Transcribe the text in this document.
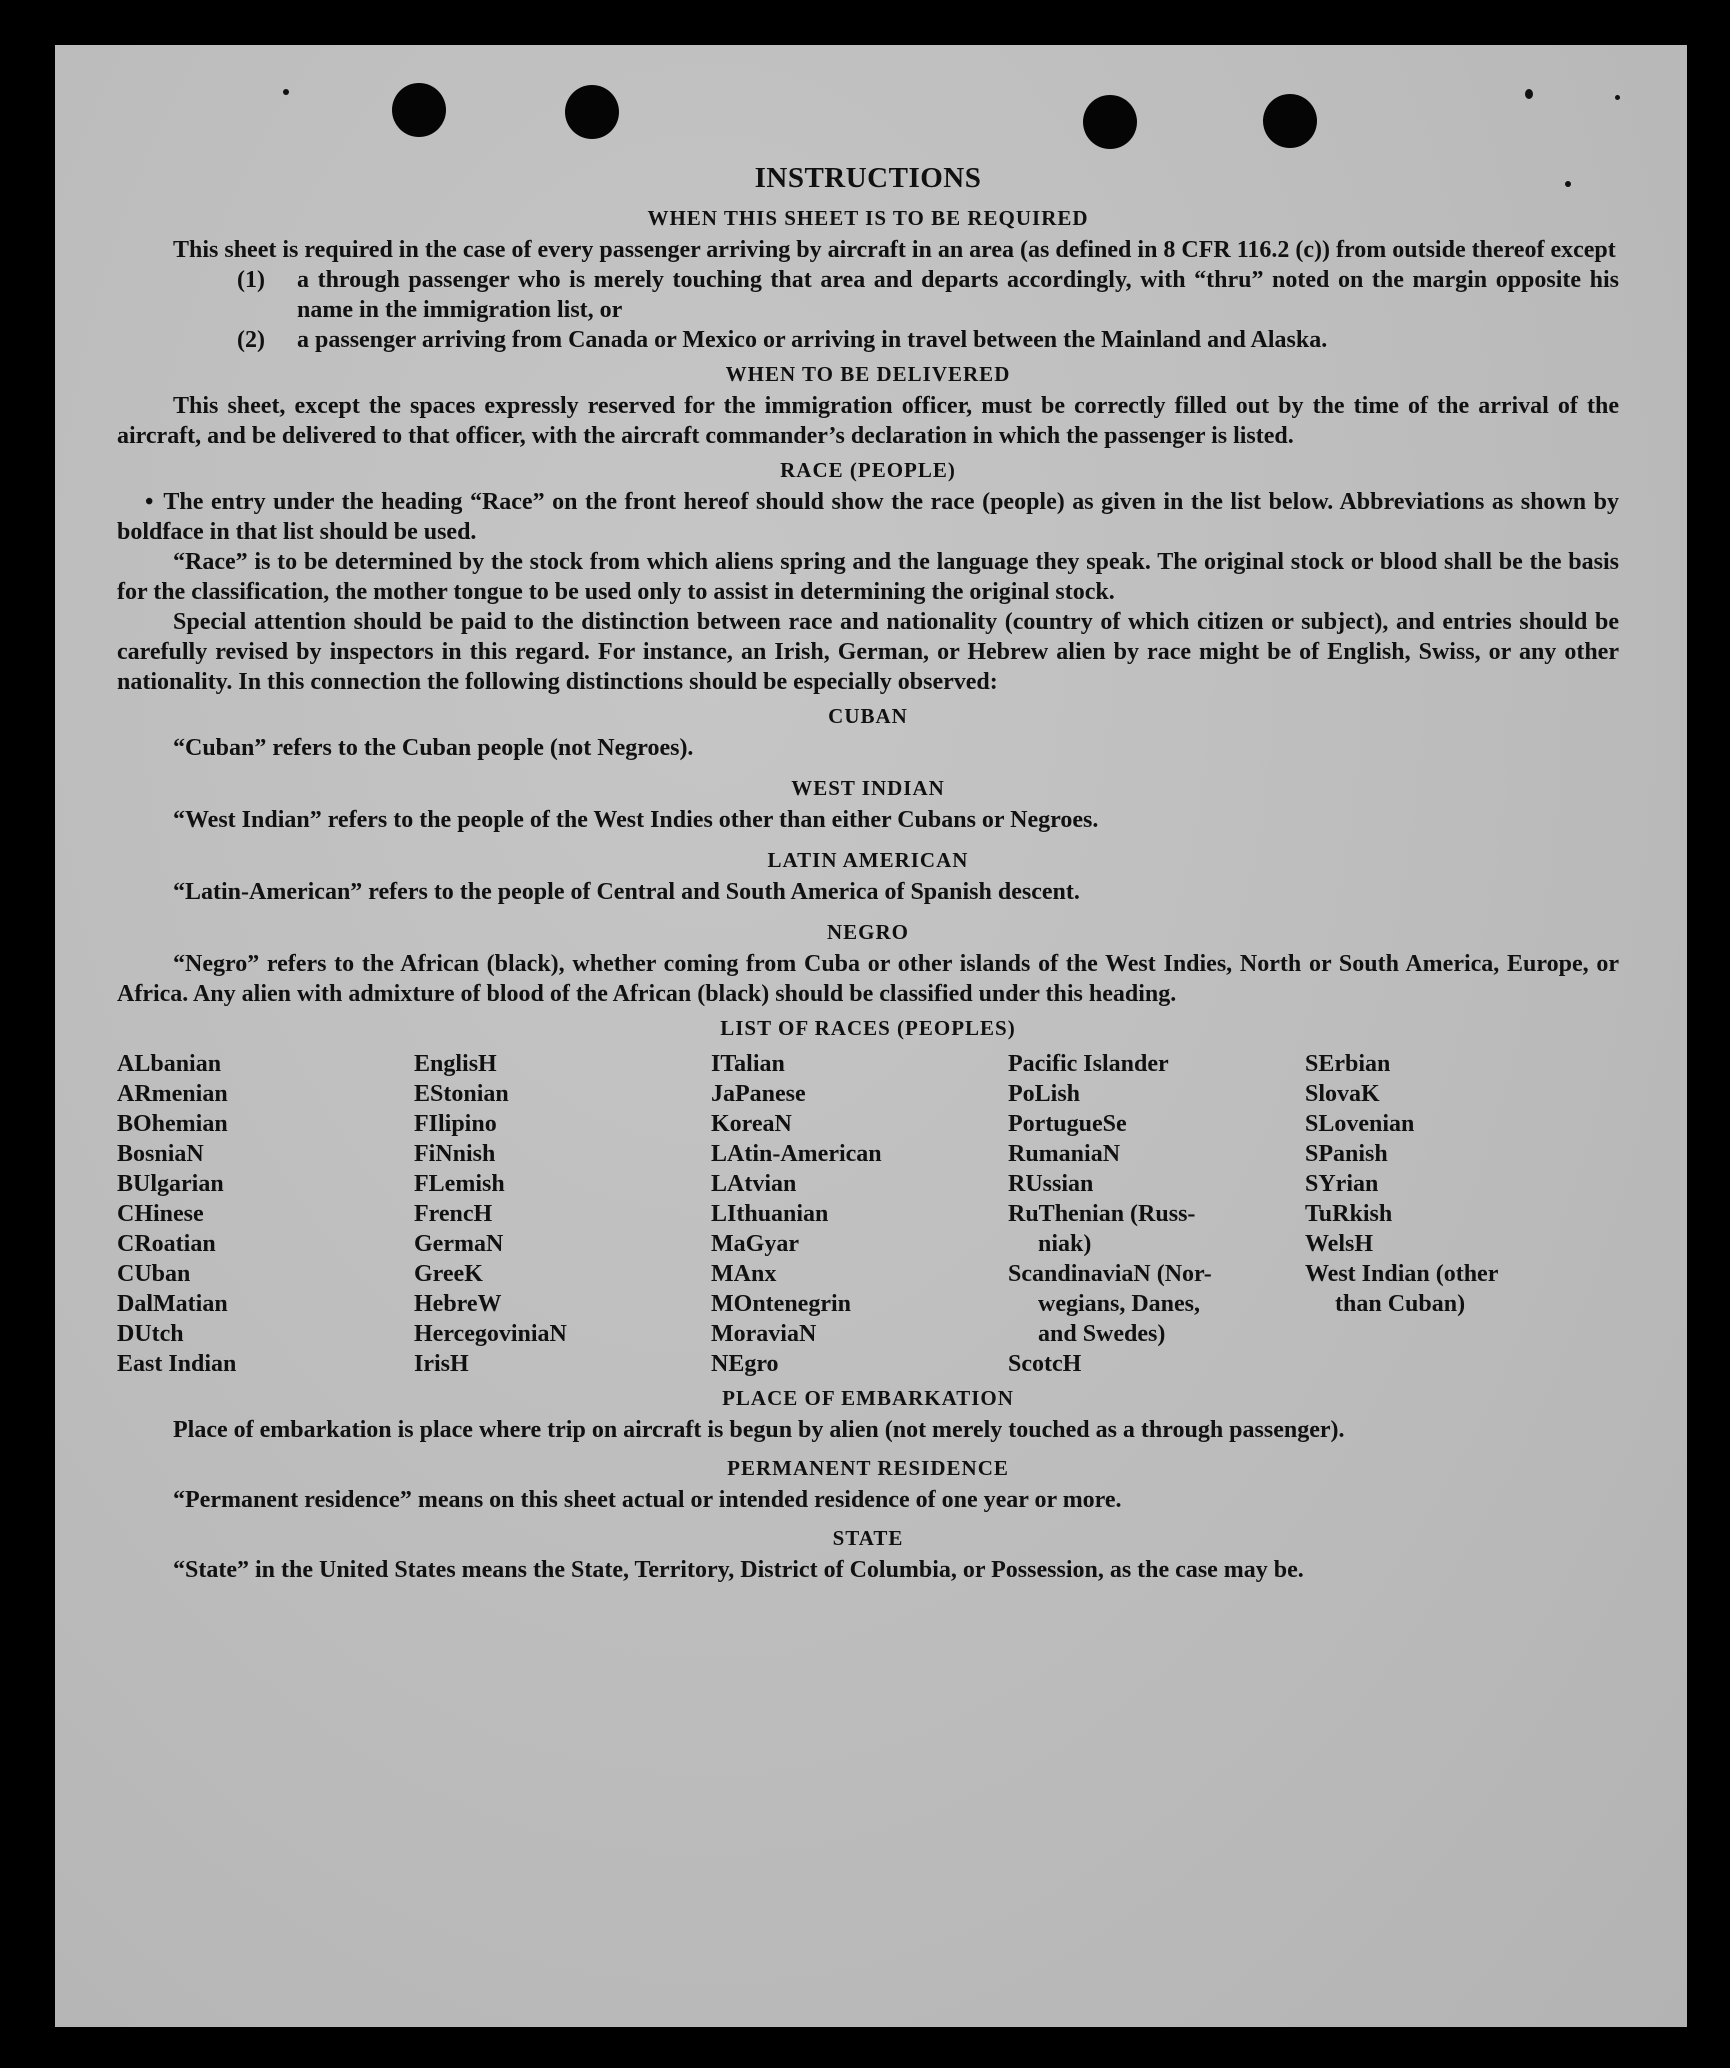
INSTRUCTIONS
WHEN THIS SHEET IS TO BE REQUIRED

This sheet is required in the case of every passenger arriving by aircraft in an area (as defined in 8 CFR 116.2 (c)) from outside thereof except

(1)	a through passenger who is merely touching that area and departs accordingly, with “thru” noted on the margin opposite his name in the immigration list, or
(2)	a passenger arriving from Canada or Mexico or arriving in travel between the Mainland and Alaska.
WHEN TO BE DELIVERED

This sheet, except the spaces expressly reserved for the immigration officer, must be correctly filled out by the time of the arrival of the aircraft, and be delivered to that officer, with the aircraft commander’s declaration in which the passenger is listed.

RACE (PEOPLE)

• The entry under the heading “Race” on the front hereof should show the race (people) as given in the list below. Abbreviations as shown by boldface in that list should be used.

“Race” is to be determined by the stock from which aliens spring and the language they speak. The original stock or blood shall be the basis for the classification, the mother tongue to be used only to assist in determining the original stock.

Special attention should be paid to the distinction between race and nationality (country of which citizen or subject), and entries should be carefully revised by inspectors in this regard. For instance, an Irish, German, or Hebrew alien by race might be of English, Swiss, or any other nationality. In this connection the following distinctions should be especially observed:

CUBAN

“Cuban” refers to the Cuban people (not Negroes).

WEST INDIAN

“West Indian” refers to the people of the West Indies other than either Cubans or Negroes.

LATIN AMERICAN

“Latin-American” refers to the people of Central and South America of Spanish descent.

NEGRO

“Negro” refers to the African (black), whether coming from Cuba or other islands of the West Indies, North or South America, Europe, or Africa. Any alien with admixture of blood of the African (black) should be classified under this heading.

LIST OF RACES (PEOPLES)
ALbanian
ARmenian
BOhemian
BosniaN
BUlgarian
CHinese
CRoatian
CUban
DalMatian
DUtch
East Indian
EnglisH
EStonian
FIlipino
FiNnish
FLemish
FrencH
GermaN
GreeK
HebreW
HercegoviniaN
IrisH
ITalian
JaPanese
KoreaN
LAtin-American
LAtvian
LIthuanian
MaGyar
MAnx
MOntenegrin
MoraviaN
NEgro
Pacific Islander
PoLish
PortugueSe
RumaniaN
RUssian
RuThenian (Russ-
niak)
ScandinaviaN (Nor-
wegians, Danes,
and Swedes)
ScotcH
SErbian
SlovaK
SLovenian
SPanish
SYrian
TuRkish
WelsH
West Indian (other
than Cuban)
PLACE OF EMBARKATION

Place of embarkation is place where trip on aircraft is begun by alien (not merely touched as a through passenger).

PERMANENT RESIDENCE

“Permanent residence” means on this sheet actual or intended residence of one year or more.

STATE

“State” in the United States means the State, Territory, District of Columbia, or Possession, as the case may be.
